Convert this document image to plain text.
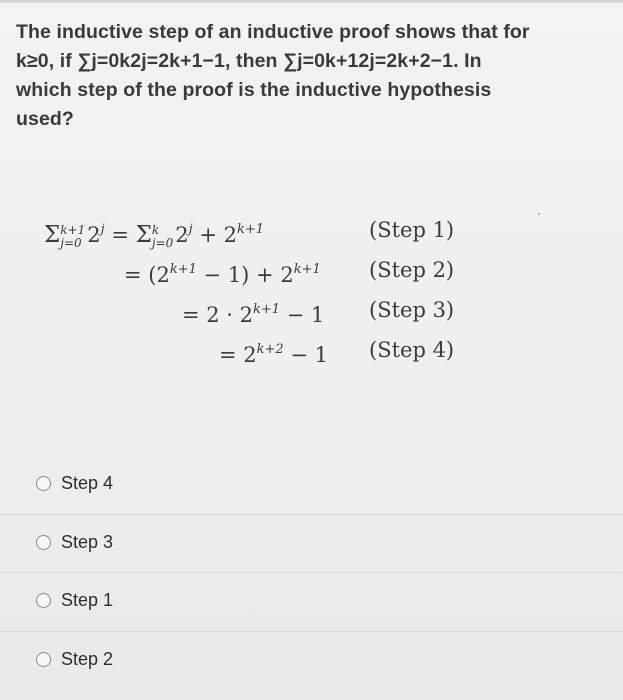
The inductive step of an inductive proof shows that for

k≥0, if ∑j=0k2j=2k+1−1, then ∑j=0k+12j=2k+2−1. In

which step of the proof is the inductive hypothesis

used?

Σ k+1
j=0 $2^j = \Sigma$ k
j=0 $2^j + 2^{k+1}$	(Step 1)
= $(2^{k+1} - 1) + 2^{k+1}$ (Step 2)
= $2 \cdot 2^{k+1} - 1$ (Step 3)
= $2^{k+2} - 1$ (Step 4)
Step 4
Step 3
Step 1
Step 2
